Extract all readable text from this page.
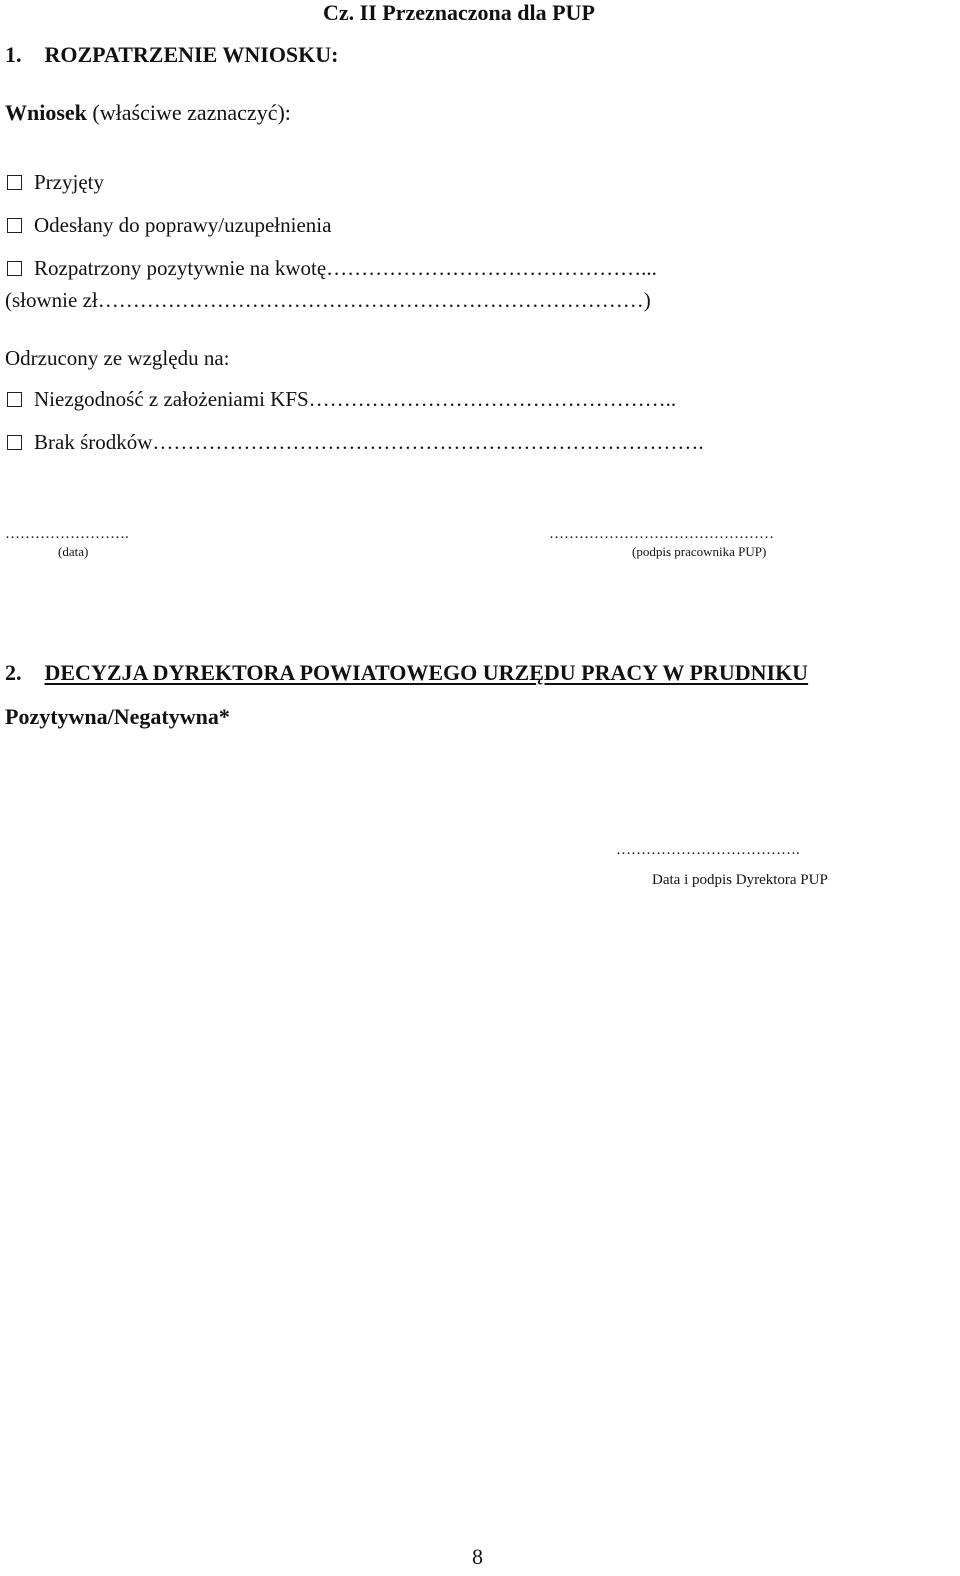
Cz. II Przeznaczona dla PUP
1. ROZPATRZENIE WNIOSKU:
Wniosek (właściwe zaznaczyć):
Przyjęty
Odesłany do poprawy/uzupełnienia
Rozpatrzony pozytywnie na kwotę………………………………………...
(słownie zł……………………………………………………………………)
Odrzucony ze względu na:
Niezgodność z założeniami KFS……………………………………………..
Brak środków…………………………………………………………………….
…………………….
(data)
………………………………………
(podpis pracownika PUP)
2. DECYZJA DYREKTORA POWIATOWEGO URZĘDU PRACY W PRUDNIKU
Pozytywna/Negatywna*
……………………………….
Data i podpis Dyrektora PUP
8
